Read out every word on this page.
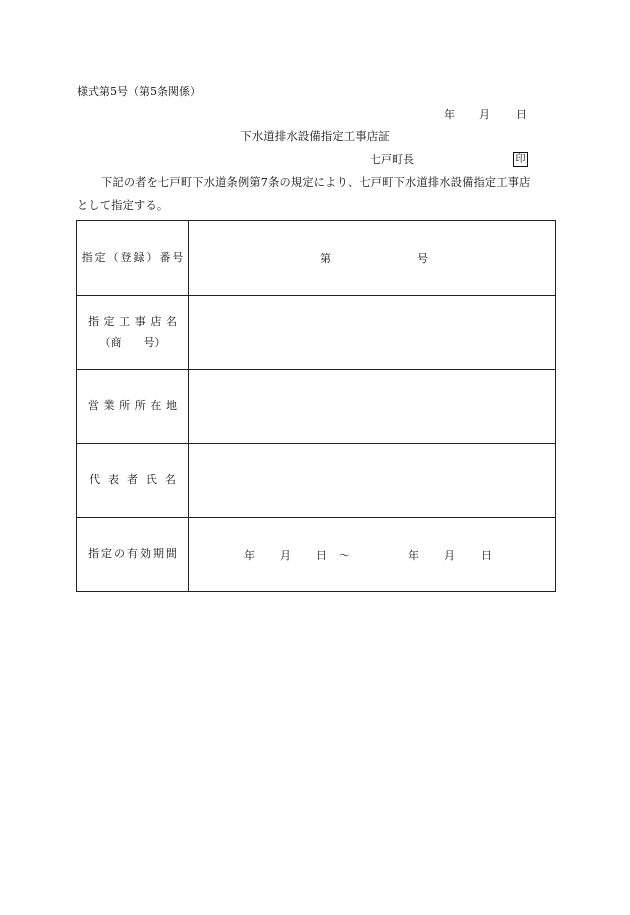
様式第5号（第5条関係）
年 月 日
下水道排水設備指定工事店証
七戸町長	印
下記の者を七戸町下水道条例第7条の規定により、七戸町下水道排水設備指定工事店
として指定する。
指定（登録）番号	第	号
指定工事店名
（商　　号）
営業所所在地
代表者氏名
指定の有効期間	年 月 日 〜	年 月 日
